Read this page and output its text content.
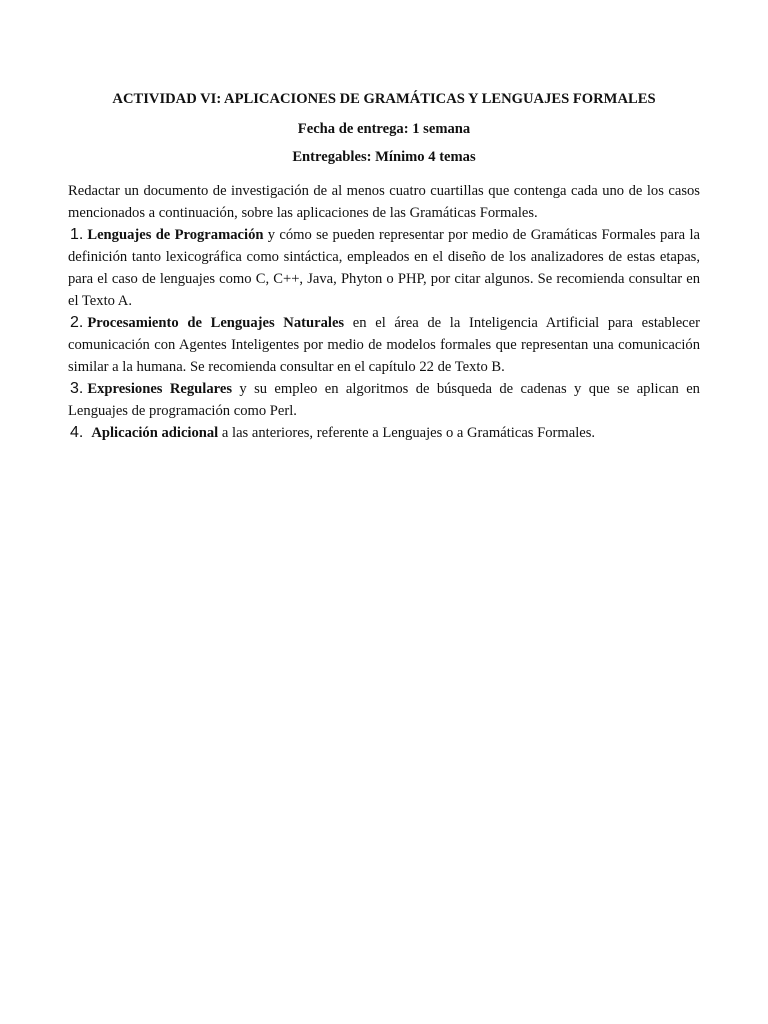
ACTIVIDAD VI: APLICACIONES DE GRAMÁTICAS Y LENGUAJES FORMALES

Fecha de entrega: 1 semana

Entregables: Mínimo 4 temas

Redactar un documento de investigación de al menos cuatro cuartillas que contenga cada uno de los casos mencionados a continuación, sobre las aplicaciones de las Gramáticas Formales.

1. Lenguajes de Programación y cómo se pueden representar por medio de Gramáticas Formales para la definición tanto lexicográfica como sintáctica, empleados en el diseño de los analizadores de estas etapas, para el caso de lenguajes como C, C++, Java, Phyton o PHP, por citar algunos. Se recomienda consultar en el Texto A.

2. Procesamiento de Lenguajes Naturales en el área de la Inteligencia Artificial para establecer comunicación con Agentes Inteligentes por medio de modelos formales que representan una comunicación similar a la humana. Se recomienda consultar en el capítulo 22 de Texto B.

3. Expresiones Regulares y su empleo en algoritmos de búsqueda de cadenas y que se aplican en Lenguajes de programación como Perl.

4. Aplicación adicional a las anteriores, referente a Lenguajes o a Gramáticas Formales.
